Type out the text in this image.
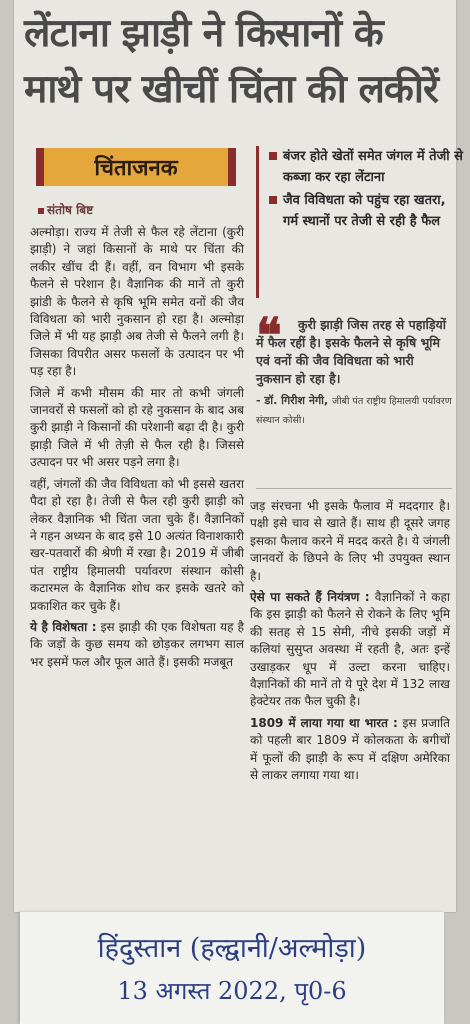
लेंटाना झाड़ी ने किसानों के
माथे पर खीचीं चिंता की लकीरें
चिंताजनक
संतोष बिष्ट
बंजर होते खेतों समेत जंगल में तेजी से कब्जा कर रहा लेंटाना
जैव विविधता को पहुंच रहा खतरा, गर्म स्थानों पर तेजी से रही है फैल
❝	कुरी झाड़ी जिस तरह से पहाड़ियों में फैल रहीं है। इसके फैलने से कृषि भूमि एवं वनों की जैव विविधता को भारी नुकसान हो रहा है।
- डॉ. गिरीश नेगी, जीबी पंत राष्ट्रीय हिमालयी पर्यावरण संस्थान कोसी।

अल्मोड़ा। राज्य में तेजी से फैल रहे लेंटाना (कुरी झाड़ी) ने जहां किसानों के माथे पर चिंता की लकीर खींच दी हैं। वहीं, वन विभाग भी इसके फैलने से परेशान है। वैज्ञानिक की मानें तो कुरी झांडी के फैलने से कृषि भूमि समेत वनों की जैव विविधता को भारी नुकसान हो रहा है। अल्मोड़ा जिले में भी यह झाड़ी अब तेजी से फैलने लगी है। जिसका विपरीत असर फसलों के उत्पादन पर भी पड़ रहा है।

जिले में कभी मौसम की मार तो कभी जंगली जानवरों से फसलों को हो रहे नुकसान के बाद अब कुरी झाड़ी ने किसानों की परेशानी बढ़ा दी है। कुरी झाड़ी जिले में भी तेज़ी से फैल रही है। जिससे उत्पादन पर भी असर पड़ने लगा है।

वहीं, जंगलों की जैव विविधता को भी इससे खतरा पैदा हो रहा है। तेजी से फैल रही कुरी झाड़ी को लेकर वैज्ञानिक भी चिंता जता चुके हैं। वैज्ञानिकों ने गहन अध्यन के बाद इसे 10 अत्यंत विनाशकारी खर-पतवारों की श्रेणी में रखा है। 2019 में जीबी पंत राष्ट्रीय हिमालयी पर्यावरण संस्थान कोसी कटारमल के वैज्ञानिक शोध कर इसके खतरे को प्रकाशित कर चुके हैं।

ये है विशेषता : इस झाड़ी की एक विशेषता यह है कि जड़ों के कुछ समय को छोड़कर लगभग साल भर इसमें फल और फूल आते हैं। इसकी मजबूत

जड़ संरचना भी इसके फैलाव में मददगार है। पक्षी इसे चाव से खाते हैं। साथ ही दूसरे जगह इसका फैलाव करने में मदद करते है। ये जंगली जानवरों के छिपने के लिए भी उपयुक्त स्थान है।

ऐसे पा सकते हैं नियंत्रण : वैज्ञानिकों ने कहा कि इस झाड़ी को फैलने से रोकने के लिए भूमि की सतह से 15 सेमी, नीचे इसकी जड़ों में कलियां सुसुप्त अवस्था में रहती है, अतः इन्हें उखाड़कर धूप में उल्टा करना चाहिए। वैज्ञानिकों की मानें तो ये पूरे देश में 132 लाख हेक्टेयर तक फैल चुकी है।

1809 में लाया गया था भारत : इस प्रजाति को पहली बार 1809 में कोलकता के बगीचों में फूलों की झाड़ी के रूप में दक्षिण अमेरिका से लाकर लगाया गया था।

हिंदुस्तान (हल्द्वानी/अल्मोड़ा)
13 अगस्त 2022, पृ0-6
